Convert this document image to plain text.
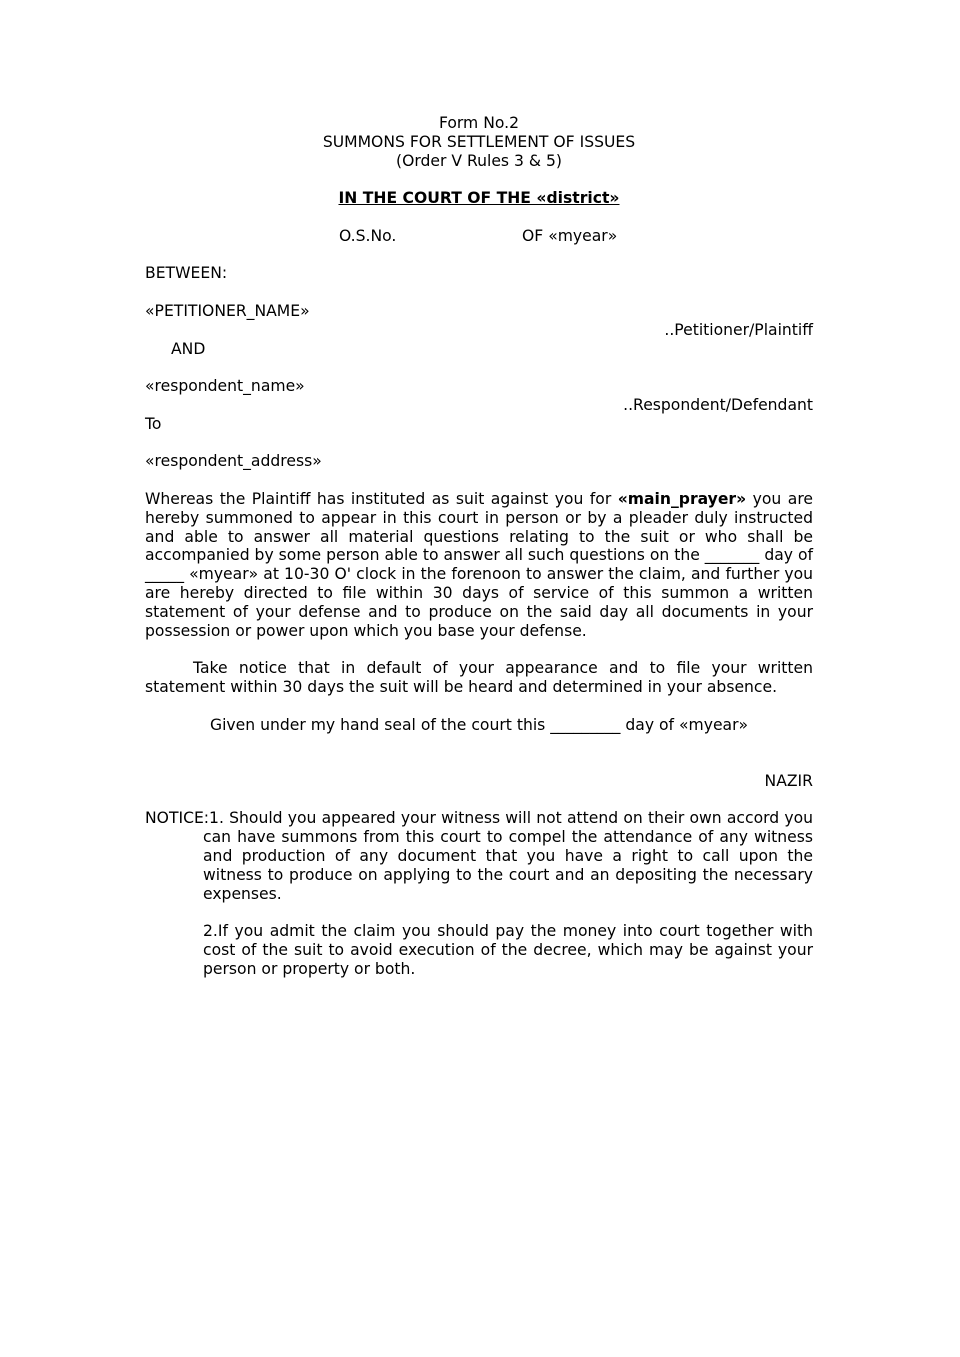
Form No.2
SUMMONS FOR SETTLEMENT OF ISSUES
(Order V Rules 3 & 5)
IN THE COURT OF THE «district»
O.S.No.	OF «myear»
BETWEEN:
«PETITIONER_NAME»
..Petitioner/Plaintiff
AND
«respondent_name»
..Respondent/Defendant
To
«respondent_address»
Whereas the Plaintiff has instituted as suit against you for «main_prayer» you are hereby summoned to appear in this court in person or by a pleader duly instructed and able to answer all material questions relating to the suit or who shall be accompanied by some person able to answer all such questions on the _______ day of _____ «myear» at 10-30 O' clock in the forenoon to answer the claim, and further you are hereby directed to file within 30 days of service of this summon a written statement of your defense and to produce on the said day all documents in your possession or power upon which you base your defense.
Take notice that in default of your appearance and to file your written statement within 30 days the suit will be heard and determined in your absence.
Given under my hand seal of the court this _________ day of «myear»
NAZIR
NOTICE:1. Should you appeared your witness will not attend on their own accord you can have summons from this court to compel the attendance of any witness and production of any document that you have a right to call upon the witness to produce on applying to the court and an depositing the necessary expenses.
2.If you admit the claim you should pay the money into court together with cost of the suit to avoid execution of the decree, which may be against your person or property or both.
